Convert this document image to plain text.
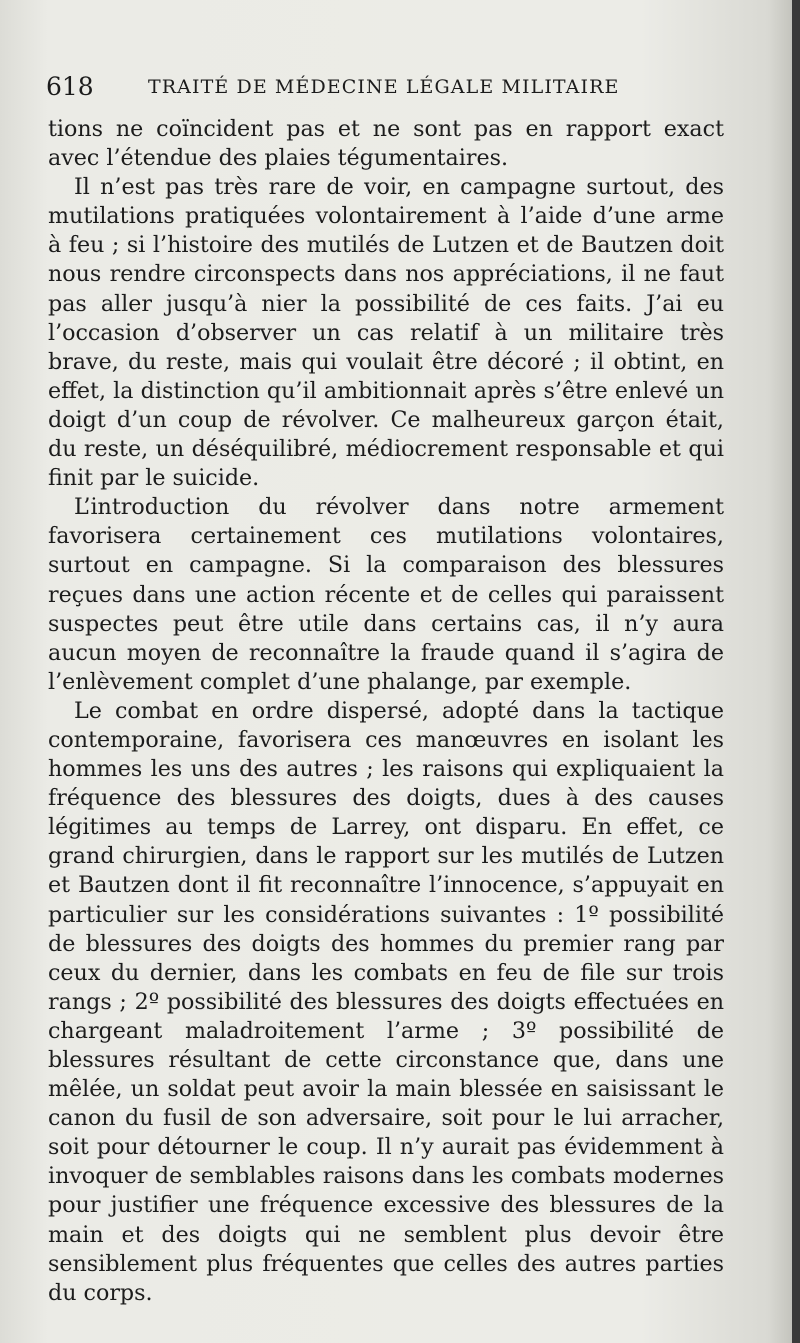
618	TRAITÉ DE MÉDECINE LÉGALE MILITAIRE

tions ne coïncident pas et ne sont pas en rapport exact avec l’étendue des plaies tégumentaires.

Il n’est pas très rare de voir, en campagne surtout, des mutilations pratiquées volontairement à l’aide d’une arme à feu ; si l’histoire des mutilés de Lutzen et de Bautzen doit nous rendre circonspects dans nos appréciations, il ne faut pas aller jusqu’à nier la possibilité de ces faits. J’ai eu l’occasion d’observer un cas relatif à un militaire très brave, du reste, mais qui voulait être décoré ; il obtint, en effet, la distinction qu’il ambitionnait après s’être enlevé un doigt d’un coup de révolver. Ce malheureux garçon était, du reste, un déséquilibré, médiocrement responsable et qui finit par le suicide.

L’introduction du révolver dans notre armement favorisera certainement ces mutilations volontaires, surtout en campagne. Si la comparaison des blessures reçues dans une action récente et de celles qui paraissent suspectes peut être utile dans certains cas, il n’y aura aucun moyen de reconnaître la fraude quand il s’agira de l’enlèvement complet d’une phalange, par exemple.

Le combat en ordre dispersé, adopté dans la tactique contemporaine, favorisera ces manœuvres en isolant les hommes les uns des autres ; les raisons qui expliquaient la fréquence des blessures des doigts, dues à des causes légitimes au temps de Larrey, ont disparu. En effet, ce grand chirurgien, dans le rapport sur les mutilés de Lutzen et Bautzen dont il fit reconnaître l’innocence, s’appuyait en particulier sur les considérations suivantes : 1º possibilité de blessures des doigts des hommes du premier rang par ceux du dernier, dans les combats en feu de file sur trois rangs ; 2º possibilité des blessures des doigts effectuées en chargeant maladroitement l’arme ; 3º possibilité de blessures résultant de cette circonstance que, dans une mêlée, un soldat peut avoir la main blessée en saisissant le canon du fusil de son adversaire, soit pour le lui arracher, soit pour détourner le coup. Il n’y aurait pas évidemment à invoquer de semblables raisons dans les combats modernes pour justifier une fréquence excessive des blessures de la main et des doigts qui ne semblent plus devoir être sensiblement plus fréquentes que celles des autres parties du corps.
